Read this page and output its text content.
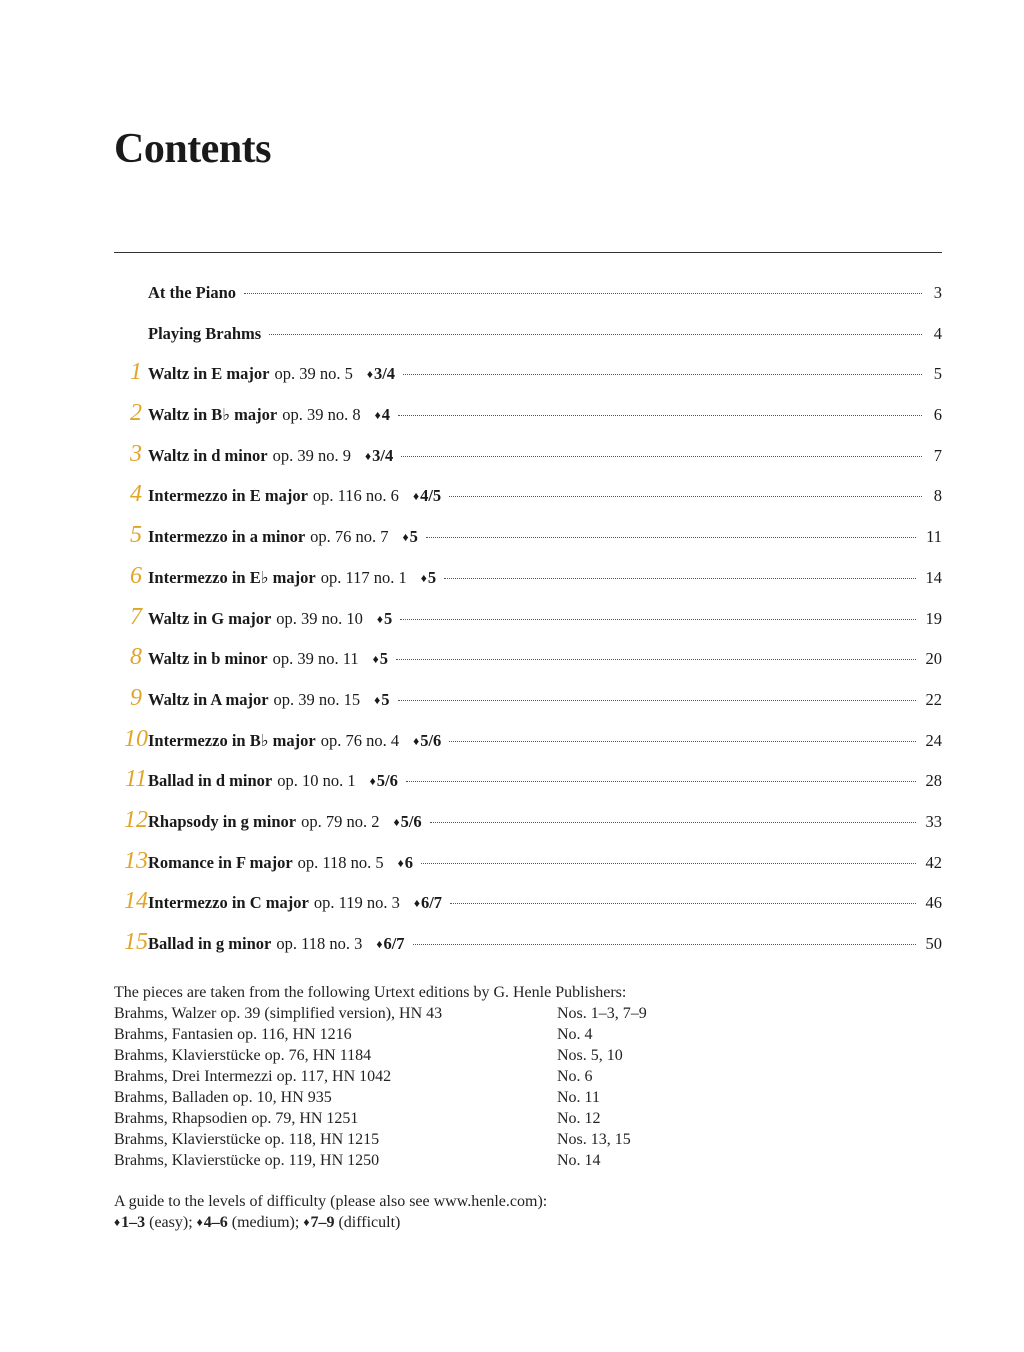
Contents
At the Piano	3
Playing Brahms	4
1 Waltz in E major op. 39 no. 5 ♦3/4	5
2 Waltz in B♭ major op. 39 no. 8 ♦4	6
3 Waltz in d minor op. 39 no. 9 ♦3/4	7
4 Intermezzo in E major op. 116 no. 6 ♦4/5	8
5 Intermezzo in a minor op. 76 no. 7 ♦5	11
6 Intermezzo in E♭ major op. 117 no. 1 ♦5	14
7 Waltz in G major op. 39 no. 10 ♦5	19
8 Waltz in b minor op. 39 no. 11 ♦5	20
9 Waltz in A major op. 39 no. 15 ♦5	22
10 Intermezzo in B♭ major op. 76 no. 4 ♦5/6	24
11 Ballad in d minor op. 10 no. 1 ♦5/6	28
12 Rhapsody in g minor op. 79 no. 2 ♦5/6	33
13 Romance in F major op. 118 no. 5 ♦6	42
14 Intermezzo in C major op. 119 no. 3 ♦6/7	46
15 Ballad in g minor op. 118 no. 3 ♦6/7	50
The pieces are taken from the following Urtext editions by G. Henle Publishers:
Brahms, Walzer op. 39 (simplified version), HN 43	Nos. 1–3, 7–9
Brahms, Fantasien op. 116, HN 1216	No. 4
Brahms, Klavierstücke op. 76, HN 1184	Nos. 5, 10
Brahms, Drei Intermezzi op. 117, HN 1042	No. 6
Brahms, Balladen op. 10, HN 935	No. 11
Brahms, Rhapsodien op. 79, HN 1251	No. 12
Brahms, Klavierstücke op. 118, HN 1215	Nos. 13, 15
Brahms, Klavierstücke op. 119, HN 1250	No. 14
A guide to the levels of difficulty (please also see www.henle.com):
♦1–3 (easy); ♦4–6 (medium); ♦7–9 (difficult)
